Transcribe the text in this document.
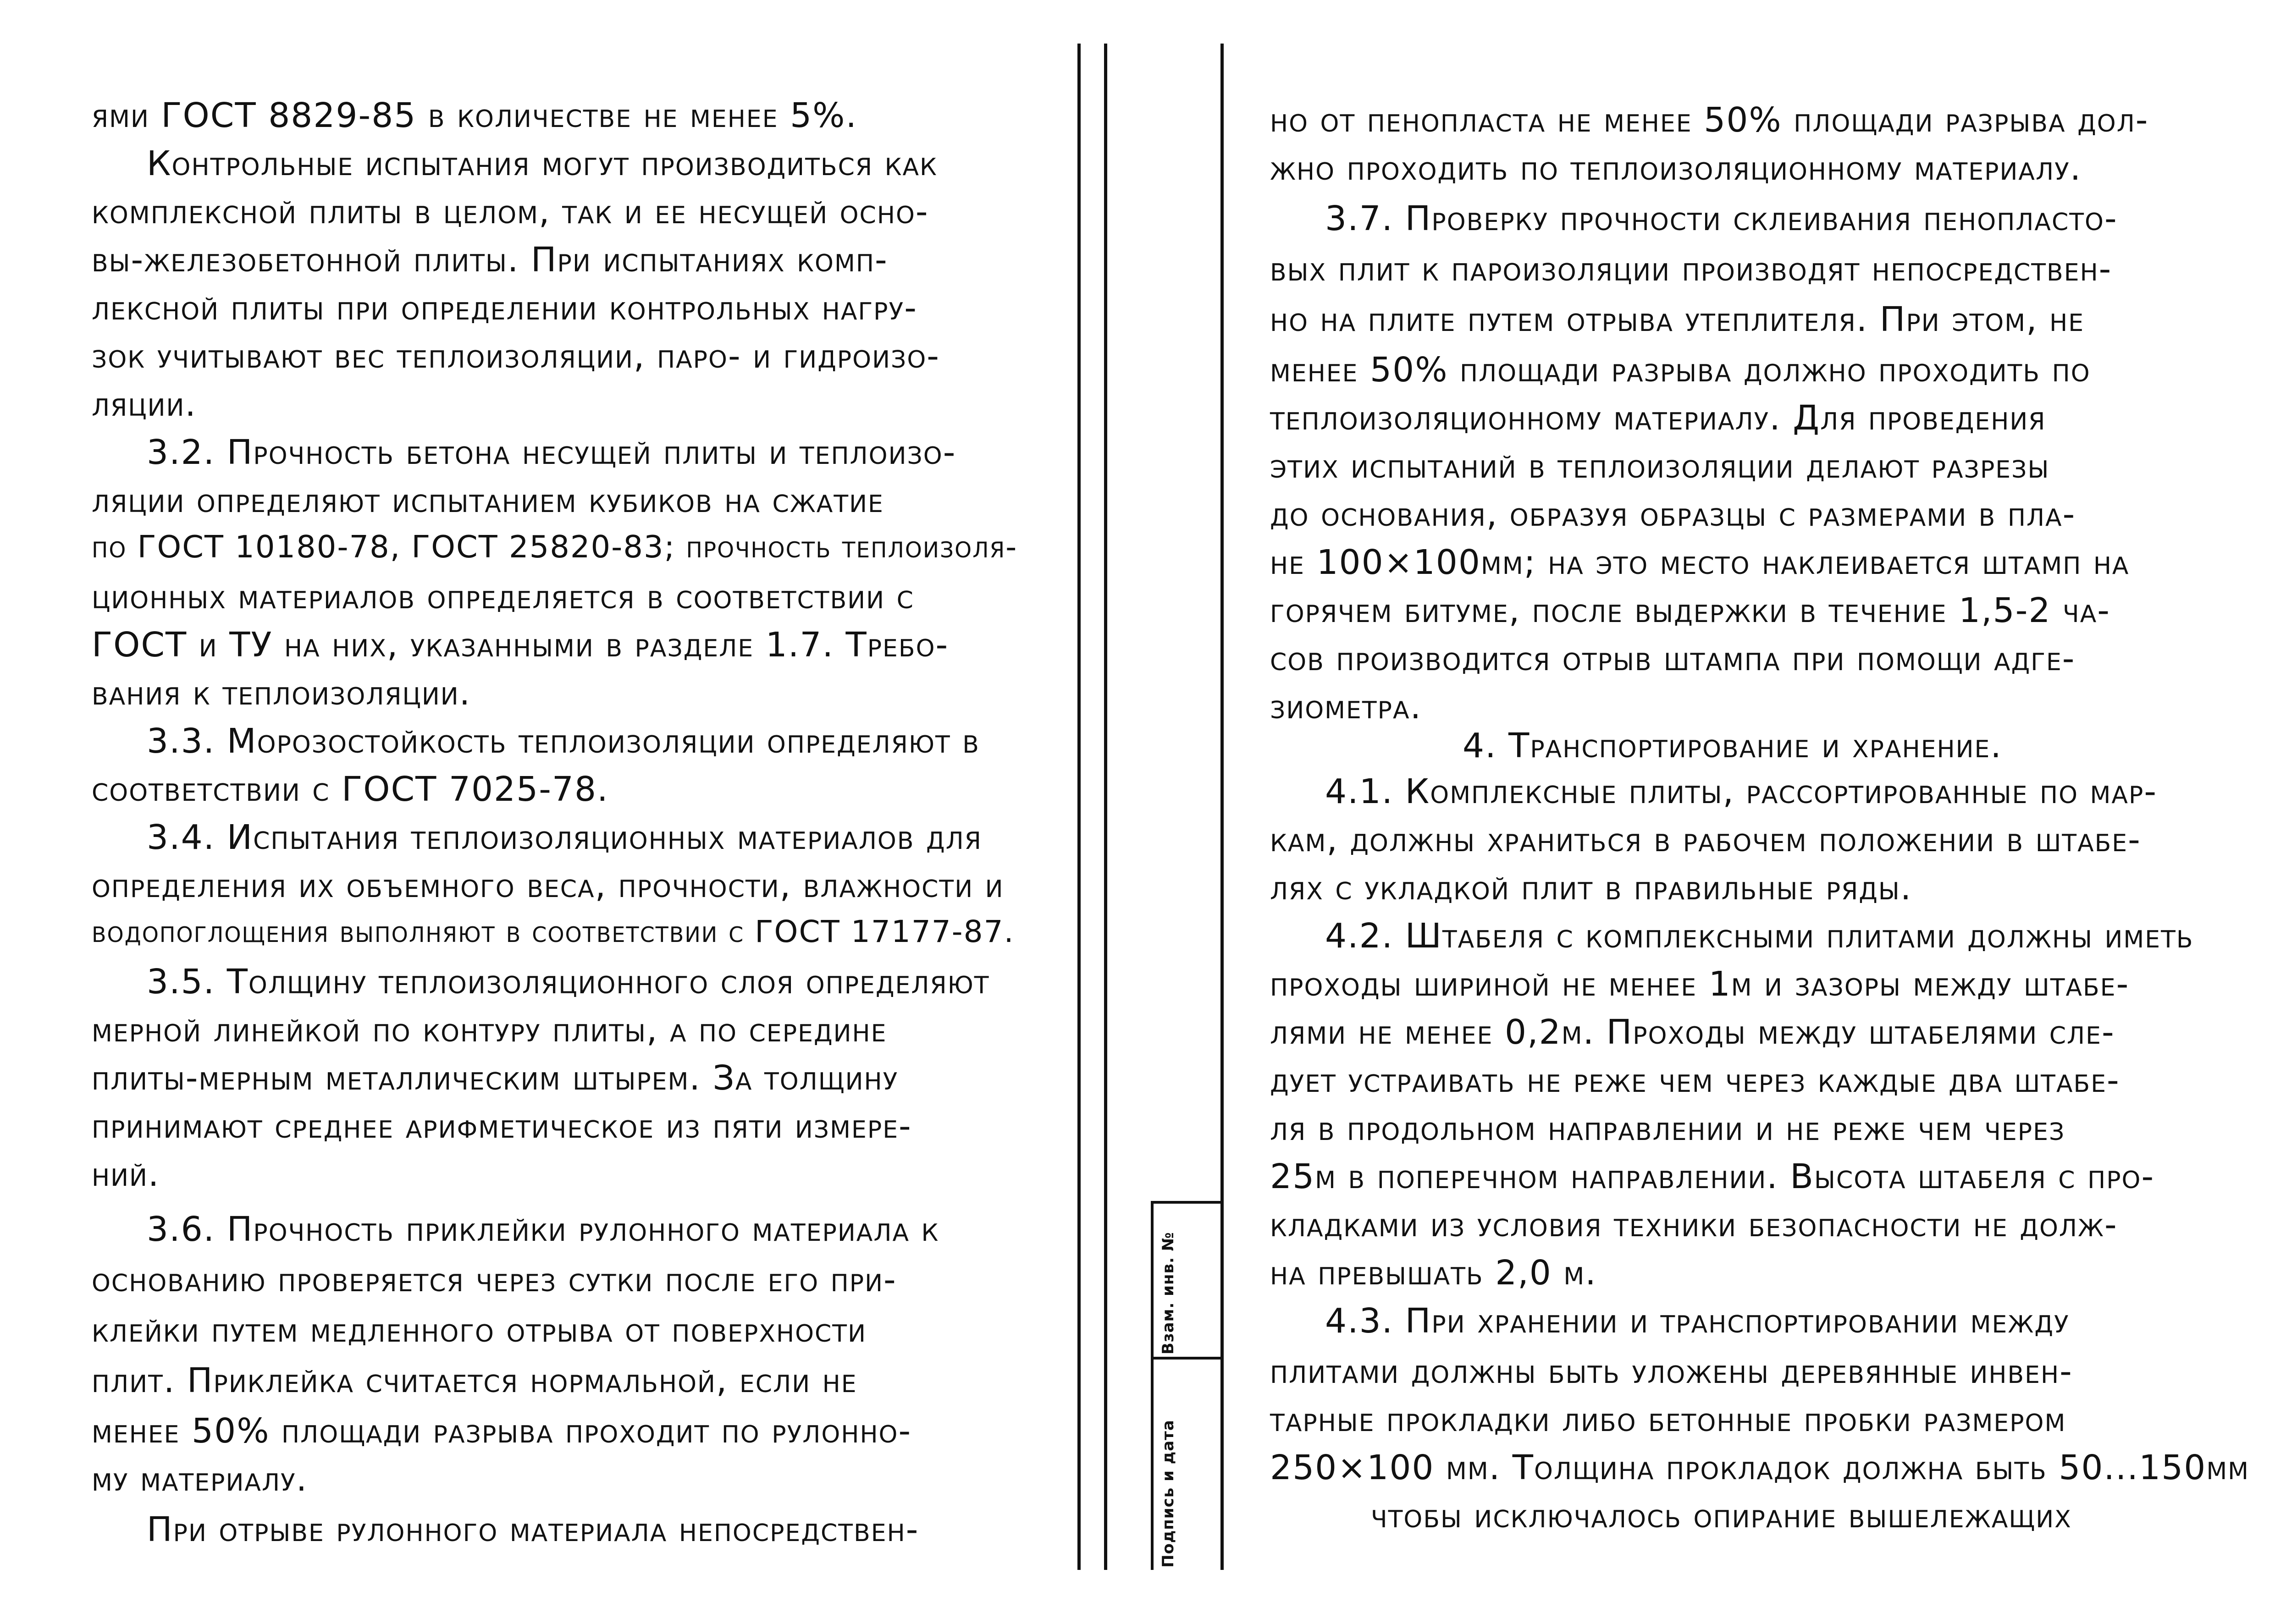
ями ГОСТ 8829-85 в количестве не менее 5%.
Контрольные испытания могут производиться как
комплексной плиты в целом, так и ее несущей осно-
вы-железобетонной плиты. При испытаниях комп-
лексной плиты при определении контрольных нагру-
зок учитывают вес теплоизоляции, паро- и гидроизо-
ляции.
3.2. Прочность бетона несущей плиты и теплоизо-
ляции определяют испытанием кубиков на сжатие
по ГОСТ 10180-78, ГОСТ 25820-83; прочность теплоизоля-
ционных материалов определяется в соответствии с
ГОСТ и ТУ на них, указанными в разделе 1.7. Требо-
вания к теплоизоляции.
3.3. Морозостойкость теплоизоляции определяют в
соответствии с ГОСТ 7025-78.
3.4. Испытания теплоизоляционных материалов для
определения их объемного веса, прочности, влажности и
водопоглощения выполняют в соответствии с ГОСТ 17177-87.
3.5. Толщину теплоизоляционного слоя определяют
мерной линейкой по контуру плиты, а по середине
плиты-мерным металлическим штырем. За толщину
принимают среднее арифметическое из пяти измере-
ний.
3.6. Прочность приклейки рулонного материала к
основанию проверяется через сутки после его при-
клейки путем медленного отрыва от поверхности
плит. Приклейка считается нормальной, если не
менее 50% площади разрыва проходит по рулонно-
му материалу.
При отрыве рулонного материала непосредствен-	Подпись и дата
Взам. инв. №
но от пенопласта не менее 50% площади разрыва дол-
жно проходить по теплоизоляционному материалу.
3.7. Проверку прочности склеивания пенопласто-
вых плит к пароизоляции производят непосредствен-
но на плите путем отрыва утеплителя. При этом, не
менее 50% площади разрыва должно проходить по
теплоизоляционному материалу. Для проведения
этих испытаний в теплоизоляции делают разрезы
до основания, образуя образцы с размерами в пла-
не 100×100мм; на это место наклеивается штамп на
горячем битуме, после выдержки в течение 1,5-2 ча-
сов производится отрыв штампа при помощи адге-
зиометра.
4. Транспортирование и хранение.
4.1. Комплексные плиты, рассортированные по мар-
кам, должны храниться в рабочем положении в штабе-
лях с укладкой плит в правильные ряды.
4.2. Штабеля с комплексными плитами должны иметь
проходы шириной не менее 1м и зазоры между штабе-
лями не менее 0,2м. Проходы между штабелями сле-
дует устраивать не реже чем через каждые два штабе-
ля в продольном направлении и не реже чем через
25м в поперечном направлении. Высота штабеля с про-
кладками из условия техники безопасности не долж-
на превышать 2,0 м.
4.3. При хранении и транспортировании между
плитами должны быть уложены деревянные инвен-
тарные прокладки либо бетонные пробки размером
250×100 мм. Толщина прокладок должна быть 50...150мм
чтобы исключалось опирание вышележащих
